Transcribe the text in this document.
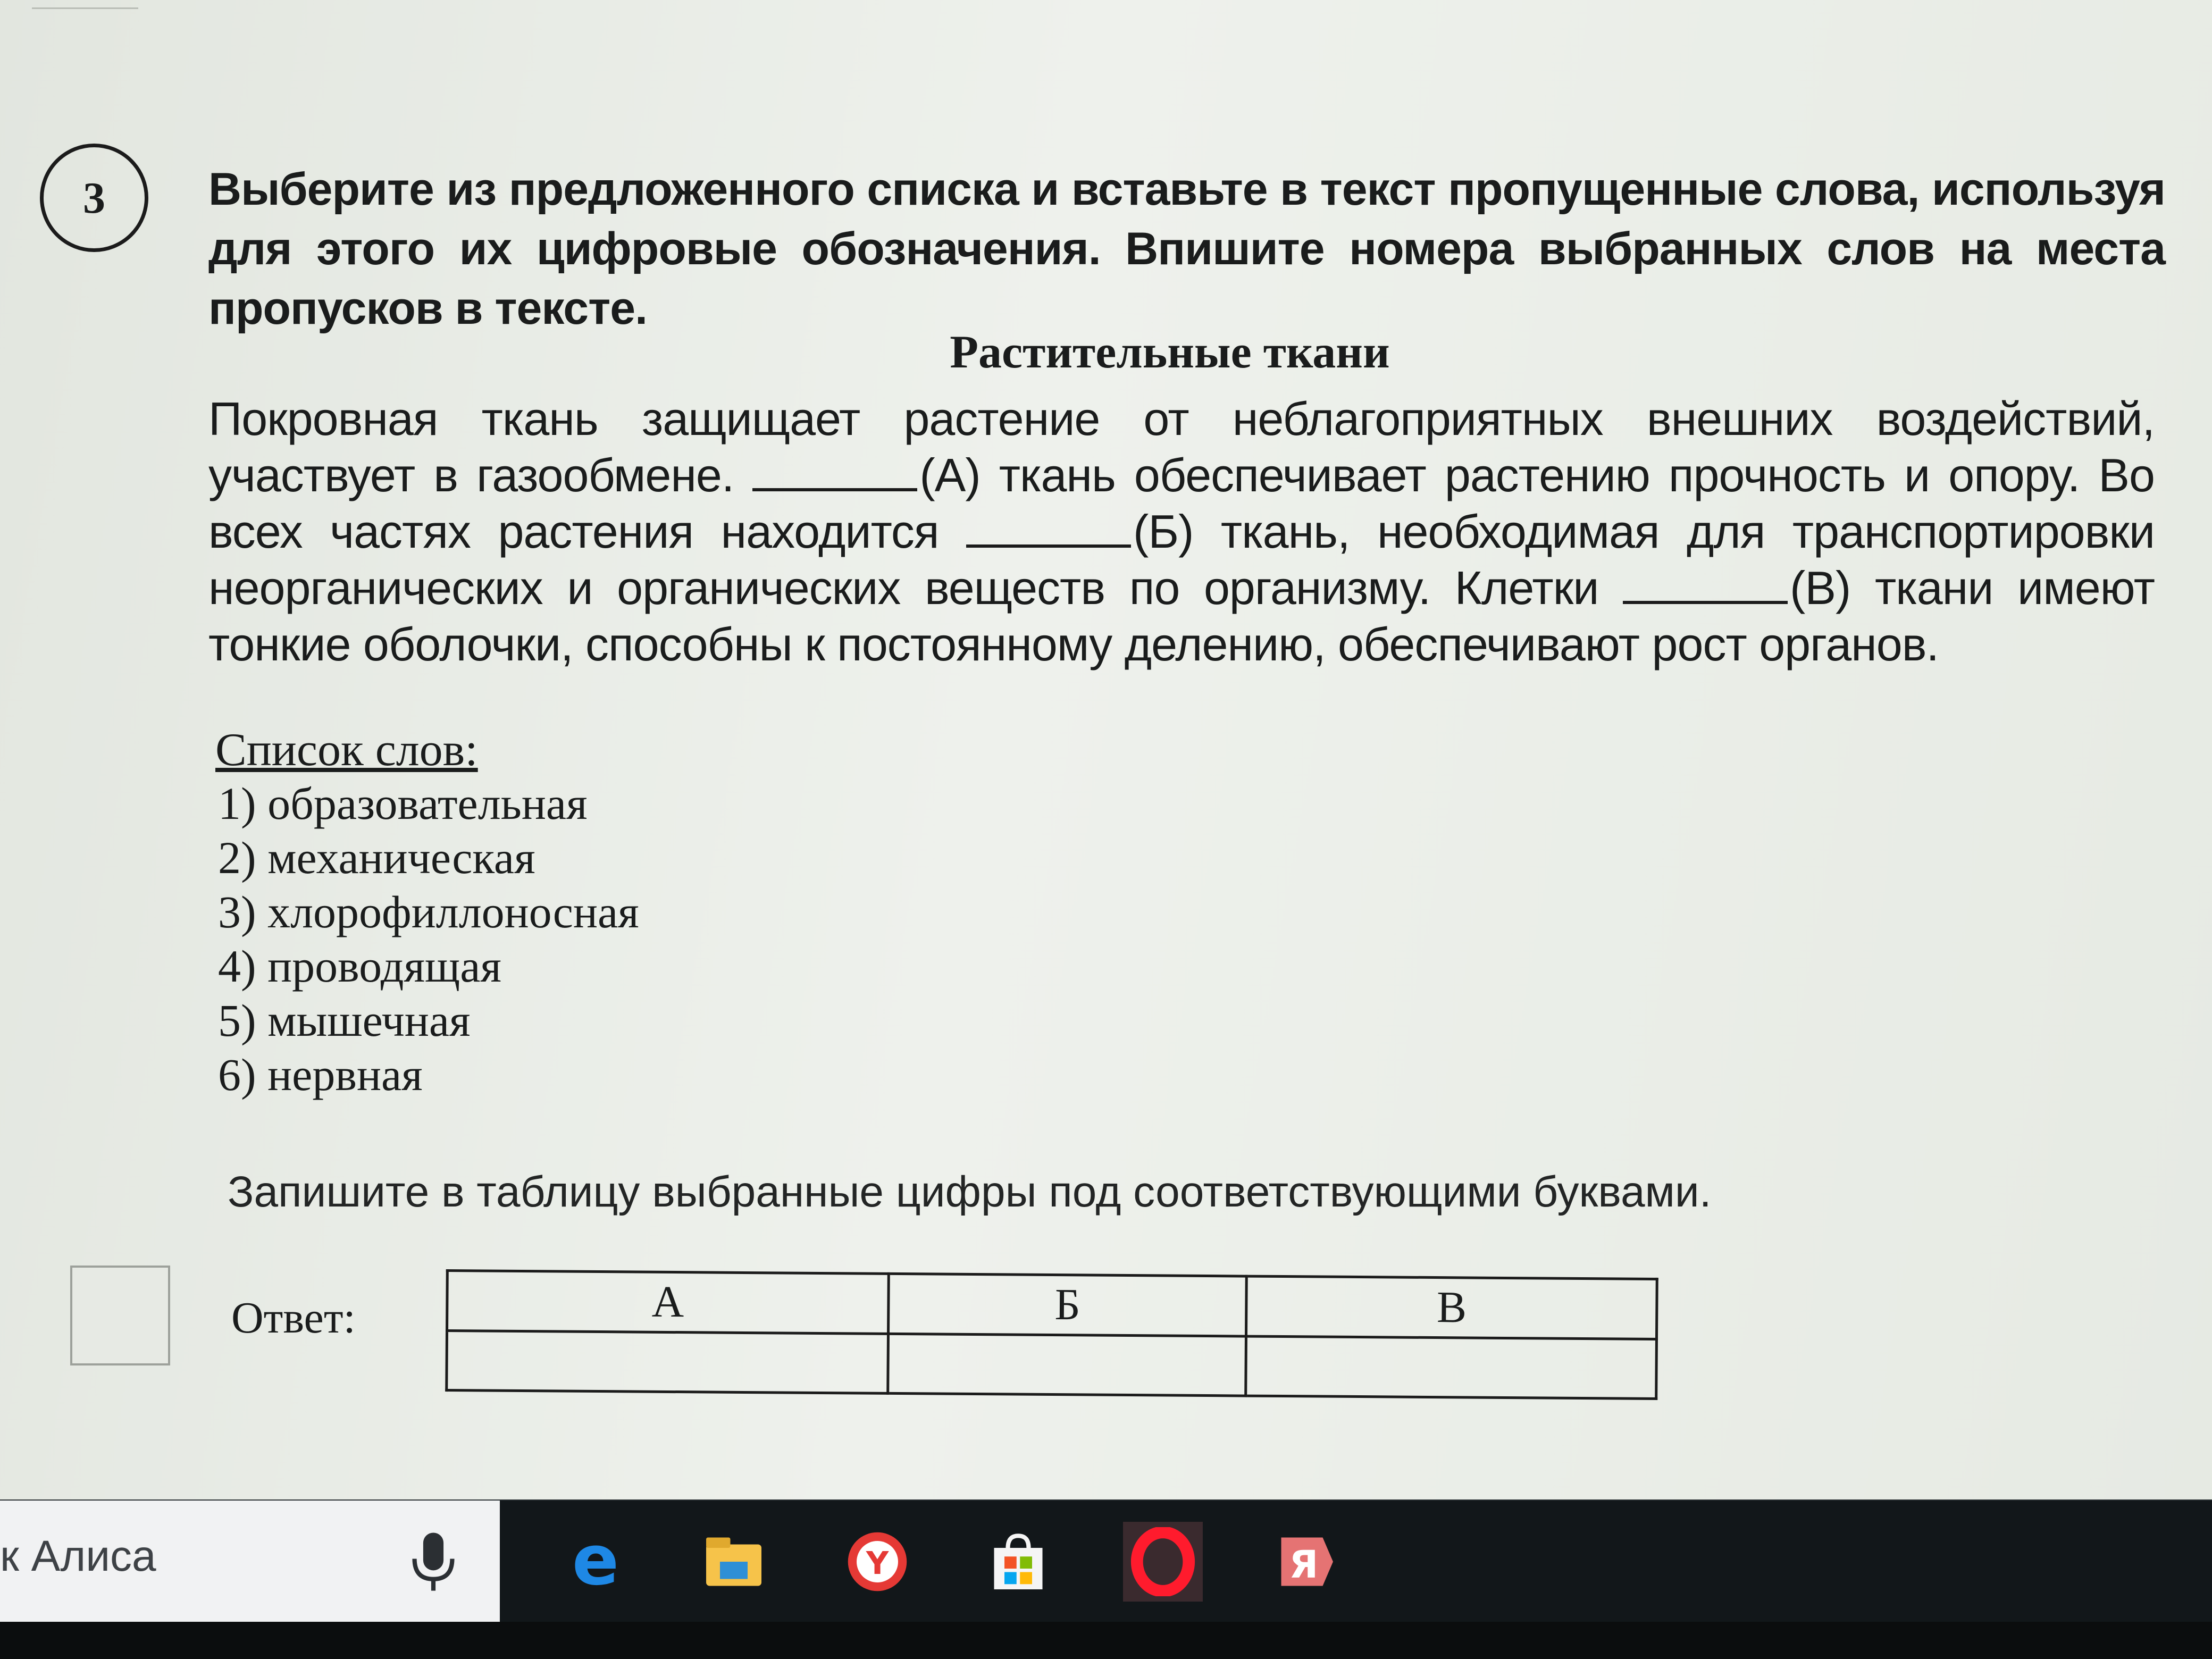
3	Выберите из предложенного списка и вставьте в текст пропущенные слова, используя для этого их цифровые обозначения. Впишите номера выбранных слов на места пропусков в тексте.
Растительные ткани
Покровная ткань защищает растение от неблагоприятных внешних воздействий, участвует в газообмене.	(А) ткань обеспечивает растению прочность и опору. Во всех частях растения находится	(Б) ткань, необходимая для транспортировки неорганических и органических веществ по организму. Клетки	(В) ткани имеют тонкие оболочки, способны к постоянному делению, обеспечивают рост органов.
Список слов:
1) образовательная
2) механическая
3) хлорофиллоносная
4) проводящая
5) мышечная
6) нервная
Запишите в таблицу выбранные цифры под соответствующими буквами.
Ответ:	А	Б	В

к Алиса	e	Y	Я
